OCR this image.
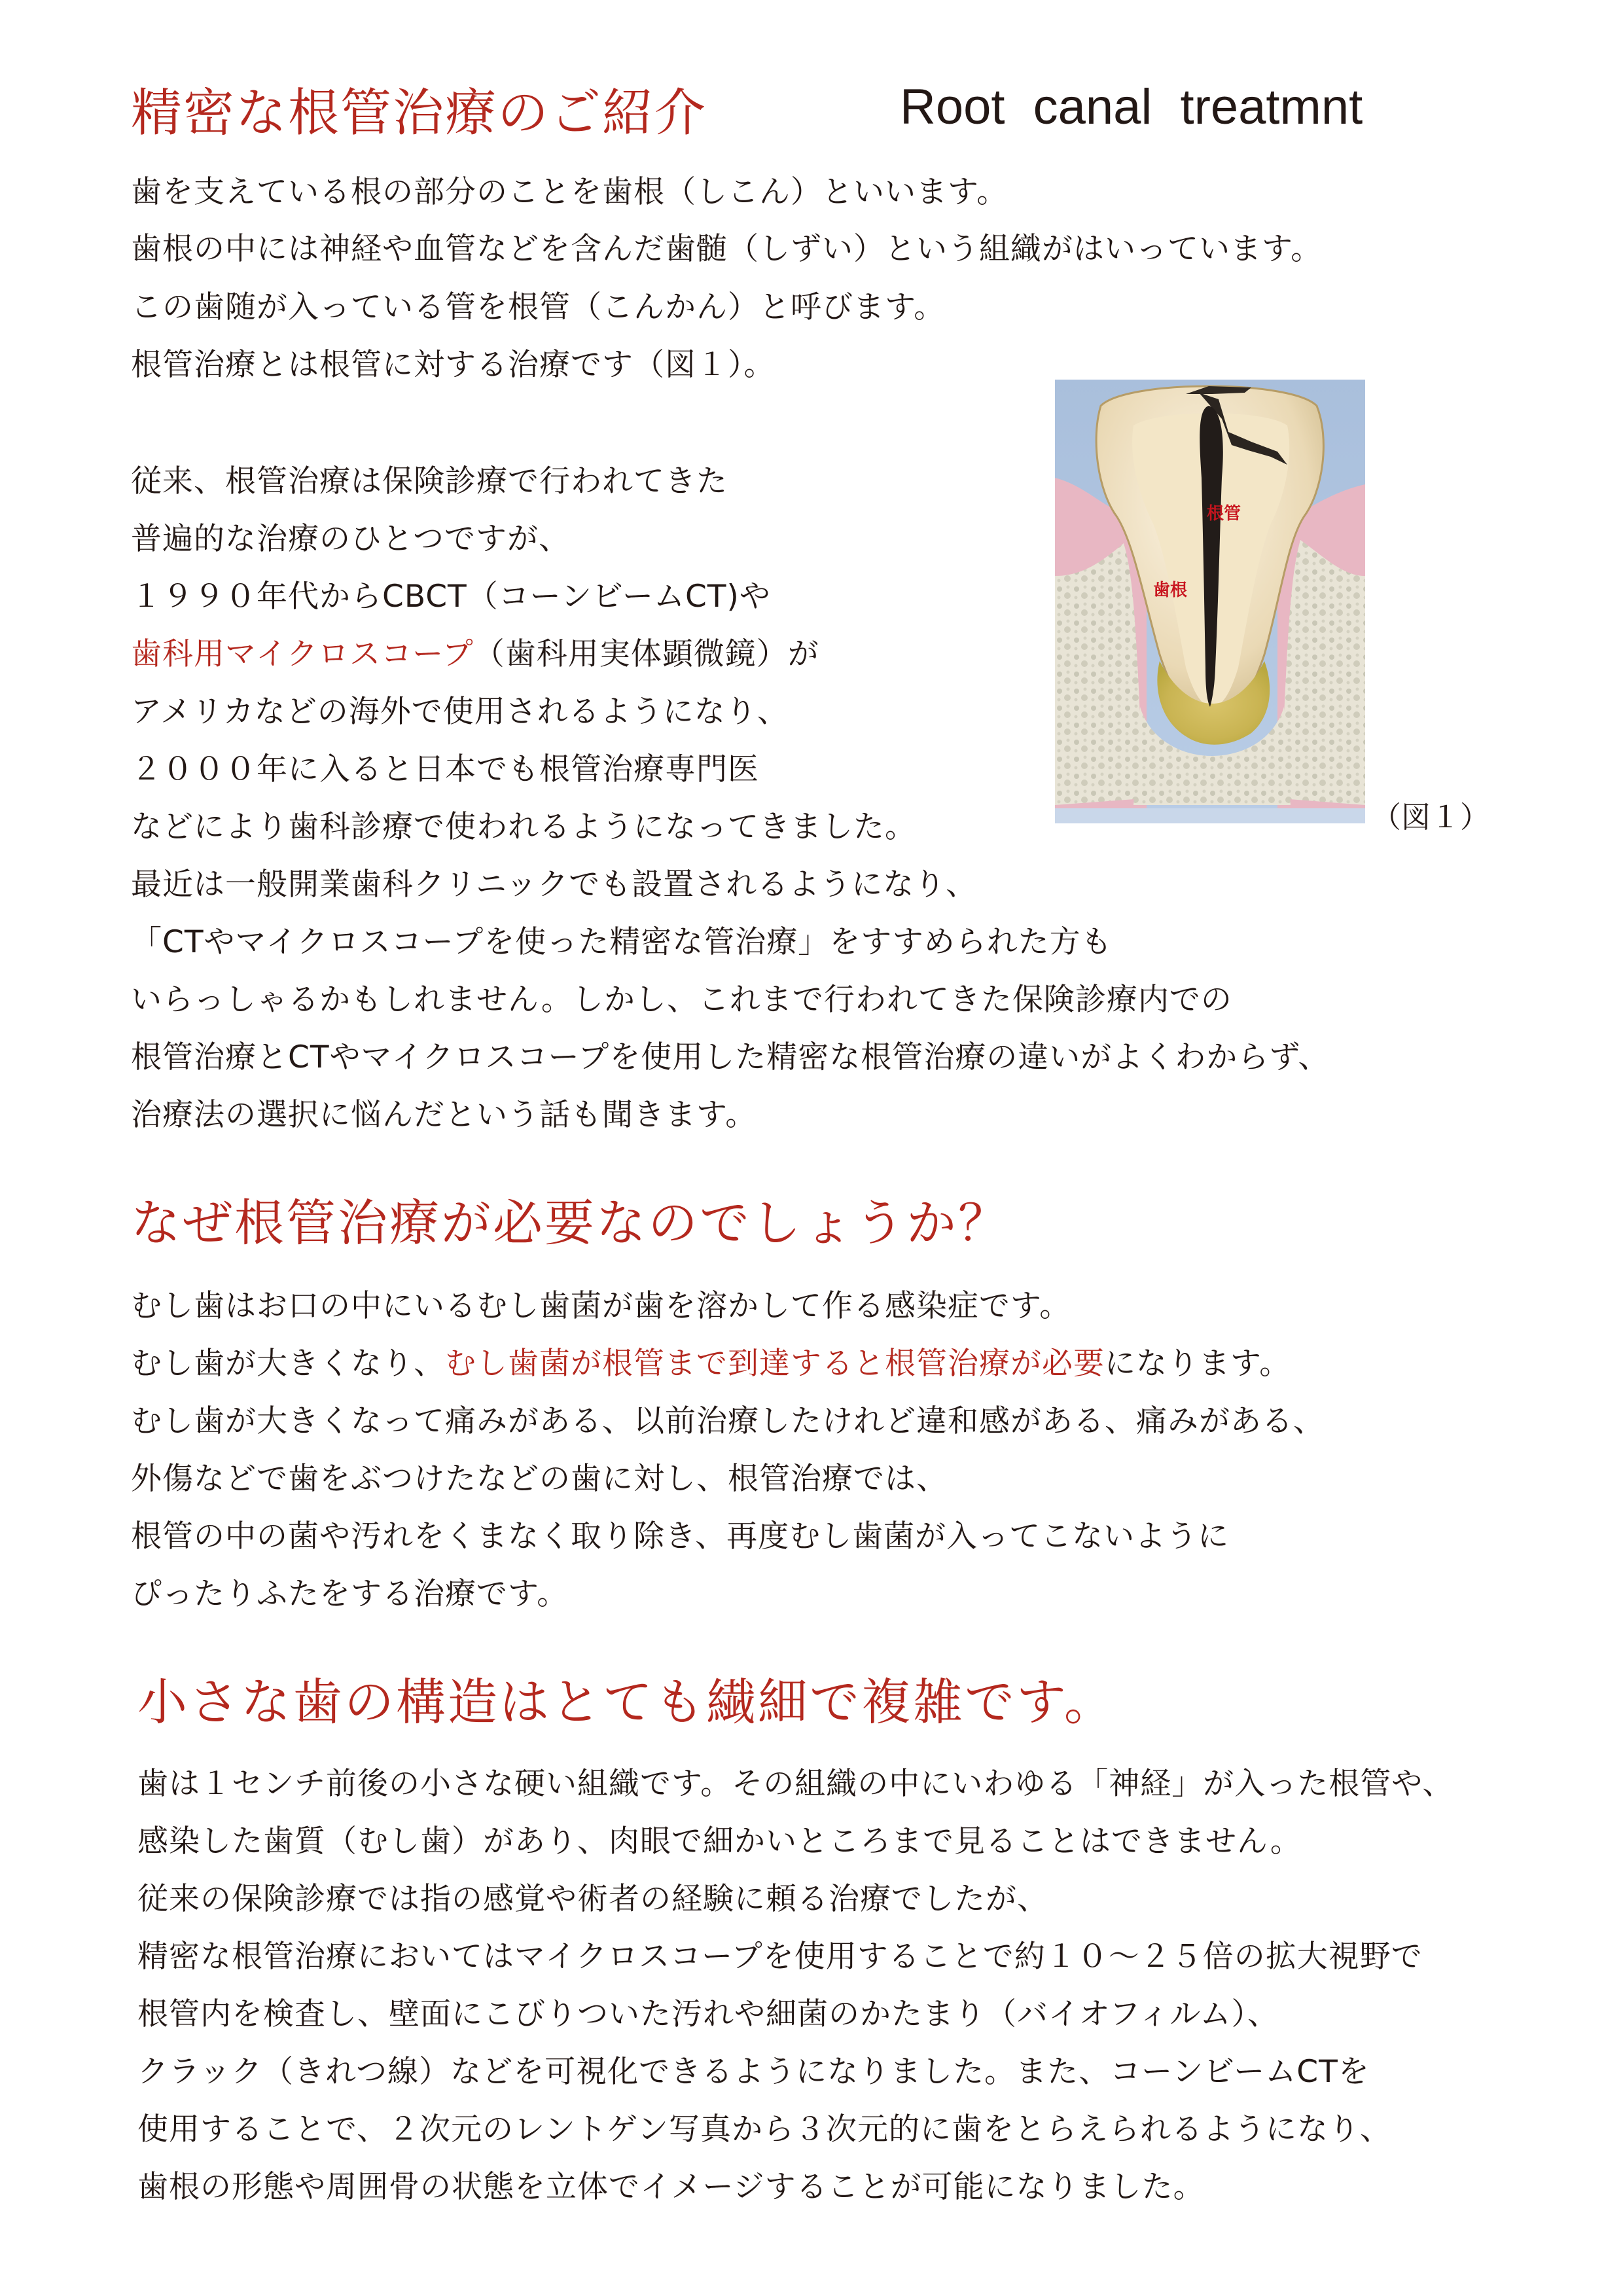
精密な根管治療のご紹介	Root canal treatmnt
歯を支えている根の部分のことを歯根（しこん）といいます。
歯根の中には神経や血管などを含んだ歯髄（しずい）という組織がはいっています。
この歯随が入っている管を根管（こんかん）と呼びます。
根管治療とは根管に対する治療です（図１）。
従来、根管治療は保険診療で行われてきた
普遍的な治療のひとつですが、
１９９０年代からCBCT（コーンビームCT)や
歯科用マイクロスコープ（歯科用実体顕微鏡）が
アメリカなどの海外で使用されるようになり、
２０００年に入ると日本でも根管治療専門医
などにより歯科診療で使われるようになってきました。
最近は一般開業歯科クリニックでも設置されるようになり、
「CTやマイクロスコープを使った精密な管治療」をすすめられた方も
いらっしゃるかもしれません。しかし、これまで行われてきた保険診療内での
根管治療とCTやマイクロスコープを使用した精密な根管治療の違いがよくわからず、
治療法の選択に悩んだという話も聞きます。
根管
歯根
（図１）
なぜ根管治療が必要なのでしょうか？
むし歯はお口の中にいるむし歯菌が歯を溶かして作る感染症です。
むし歯が大きくなり、むし歯菌が根管まで到達すると根管治療が必要になります。
むし歯が大きくなって痛みがある、以前治療したけれど違和感がある、痛みがある、
外傷などで歯をぶつけたなどの歯に対し、根管治療では、
根管の中の菌や汚れをくまなく取り除き、再度むし歯菌が入ってこないように
ぴったりふたをする治療です。
小さな歯の構造はとても繊細で複雑です。
歯は１センチ前後の小さな硬い組織です。その組織の中にいわゆる「神経」が入った根管や、
感染した歯質（むし歯）があり、肉眼で細かいところまで見ることはできません。
従来の保険診療では指の感覚や術者の経験に頼る治療でしたが、
精密な根管治療においてはマイクロスコープを使用することで約１０～２５倍の拡大視野で
根管内を検査し、壁面にこびりついた汚れや細菌のかたまり（バイオフィルム）、
クラック（きれつ線）などを可視化できるようになりました。また、コーンビームCTを
使用することで、２次元のレントゲン写真から３次元的に歯をとらえられるようになり、
歯根の形態や周囲骨の状態を立体でイメージすることが可能になりました。
